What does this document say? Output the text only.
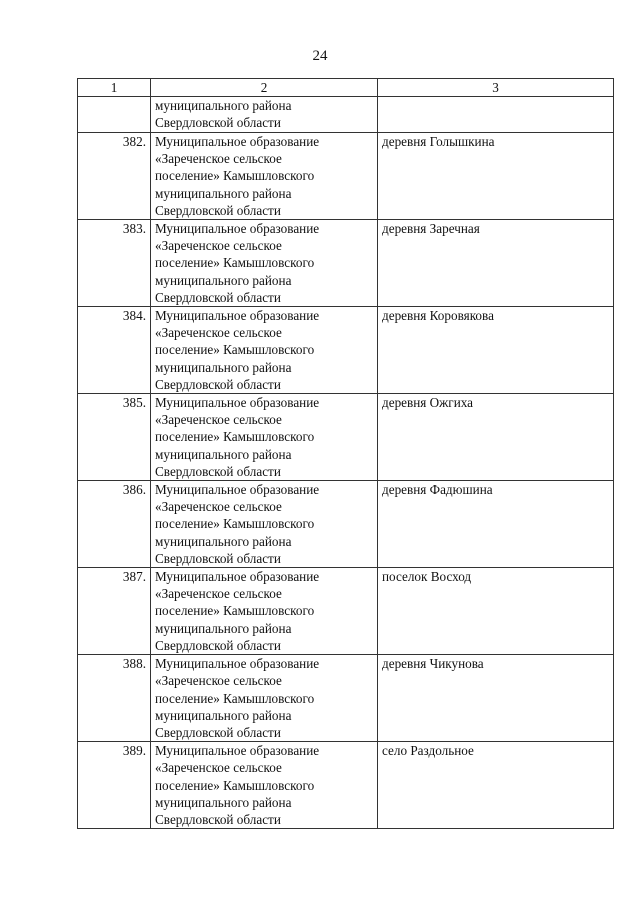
24
1	2	3

	муниципального района
Свердловской области	

382.	Муниципальное образование
«Зареченское сельское
поселение» Камышловского
муниципального района
Свердловской области	деревня Голышкина
383.	Муниципальное образование
«Зареченское сельское
поселение» Камышловского
муниципального района
Свердловской области	деревня Заречная
384.	Муниципальное образование
«Зареченское сельское
поселение» Камышловского
муниципального района
Свердловской области	деревня Коровякова
385.	Муниципальное образование
«Зареченское сельское
поселение» Камышловского
муниципального района
Свердловской области	деревня Ожгиха
386.	Муниципальное образование
«Зареченское сельское
поселение» Камышловского
муниципального района
Свердловской области	деревня Фадюшина
387.	Муниципальное образование
«Зареченское сельское
поселение» Камышловского
муниципального района
Свердловской области	поселок Восход
388.	Муниципальное образование
«Зареченское сельское
поселение» Камышловского
муниципального района
Свердловской области	деревня Чикунова
389.	Муниципальное образование
«Зареченское сельское
поселение» Камышловского
муниципального района
Свердловской области	село Раздольное
